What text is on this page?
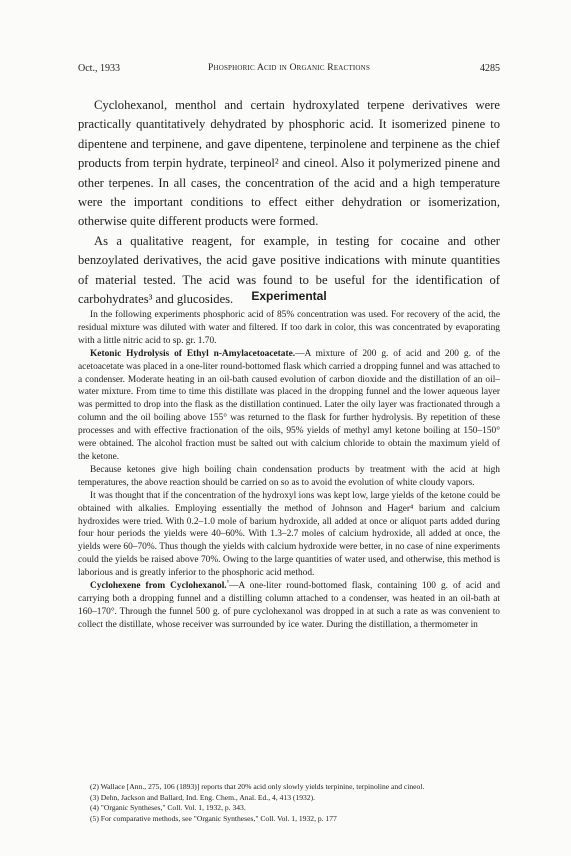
Oct., 1933	Phosphoric Acid in Organic Reactions	4285

Cyclohexanol, menthol and certain hydroxylated terpene derivatives were practically quantitatively dehydrated by phosphoric acid. It isomerized pinene to dipentene and terpinene, and gave dipentene, terpinolene and terpinene as the chief products from terpin hydrate, terpineol² and cineol. Also it polymerized pinene and other terpenes. In all cases, the concentration of the acid and a high temperature were the important conditions to effect either dehydration or isomerization, otherwise quite different products were formed.

As a qualitative reagent, for example, in testing for cocaine and other benzoylated derivatives, the acid gave positive indications with minute quantities of material tested. The acid was found to be useful for the identification of carbohydrates³ and glucosides.	Experimental

In the following experiments phosphoric acid of 85% concentration was used. For recovery of the acid, the residual mixture was diluted with water and filtered. If too dark in color, this was concentrated by evaporating with a little nitric acid to sp. gr. 1.70.

Ketonic Hydrolysis of Ethyl n-Amylacetoacetate.—A mixture of 200 g. of acid and 200 g. of the acetoacetate was placed in a one-liter round-bottomed flask which carried a dropping funnel and was attached to a condenser. Moderate heating in an oil-bath caused evolution of carbon dioxide and the distillation of an oil–water mixture. From time to time this distillate was placed in the dropping funnel and the lower aqueous layer was permitted to drop into the flask as the distillation continued. Later the oily layer was fractionated through a column and the oil boiling above 155° was returned to the flask for further hydrolysis. By repetition of these processes and with effective fractionation of the oils, 95% yields of methyl amyl ketone boiling at 150–150° were obtained. The alcohol fraction must be salted out with calcium chloride to obtain the maximum yield of the ketone.

Because ketones give high boiling chain condensation products by treatment with the acid at high temperatures, the above reaction should be carried on so as to avoid the evolution of white cloudy vapors.

It was thought that if the concentration of the hydroxyl ions was kept low, large yields of the ketone could be obtained with alkalies. Employing essentially the method of Johnson and Hager⁴ barium and calcium hydroxides were tried. With 0.2–1.0 mole of barium hydroxide, all added at once or aliquot parts added during four hour periods the yields were 40–60%. With 1.3–2.7 moles of calcium hydroxide, all added at once, the yields were 60–70%. Thus though the yields with calcium hydroxide were better, in no case of nine experiments could the yields be raised above 70%. Owing to the large quantities of water used, and otherwise, this method is laborious and is greatly inferior to the phosphoric acid method.

Cyclohexene from Cyclohexanol.$^{^5}$—A one-liter round-bottomed flask, containing 100 g. of acid and carrying both a dropping funnel and a distilling column attached to a condenser, was heated in an oil-bath at 160–170°. Through the funnel 500 g. of pure cyclohexanol was dropped in at such a rate as was convenient to collect the distillate, whose receiver was surrounded by ice water. During the distillation, a thermometer in

(2) Wallace [Ann., 275, 106 (1893)] reports that 20% acid only slowly yields terpinine, terpinoline and cineol.

(3) Dehn, Jackson and Ballard, Ind. Eng. Chem., Anal. Ed., 4, 413 (1932).

(4) "Organic Syntheses," Coll. Vol. 1, 1932, p. 343.

(5) For comparative methods, see "Organic Syntheses," Coll. Vol. 1, 1932, p. 177
